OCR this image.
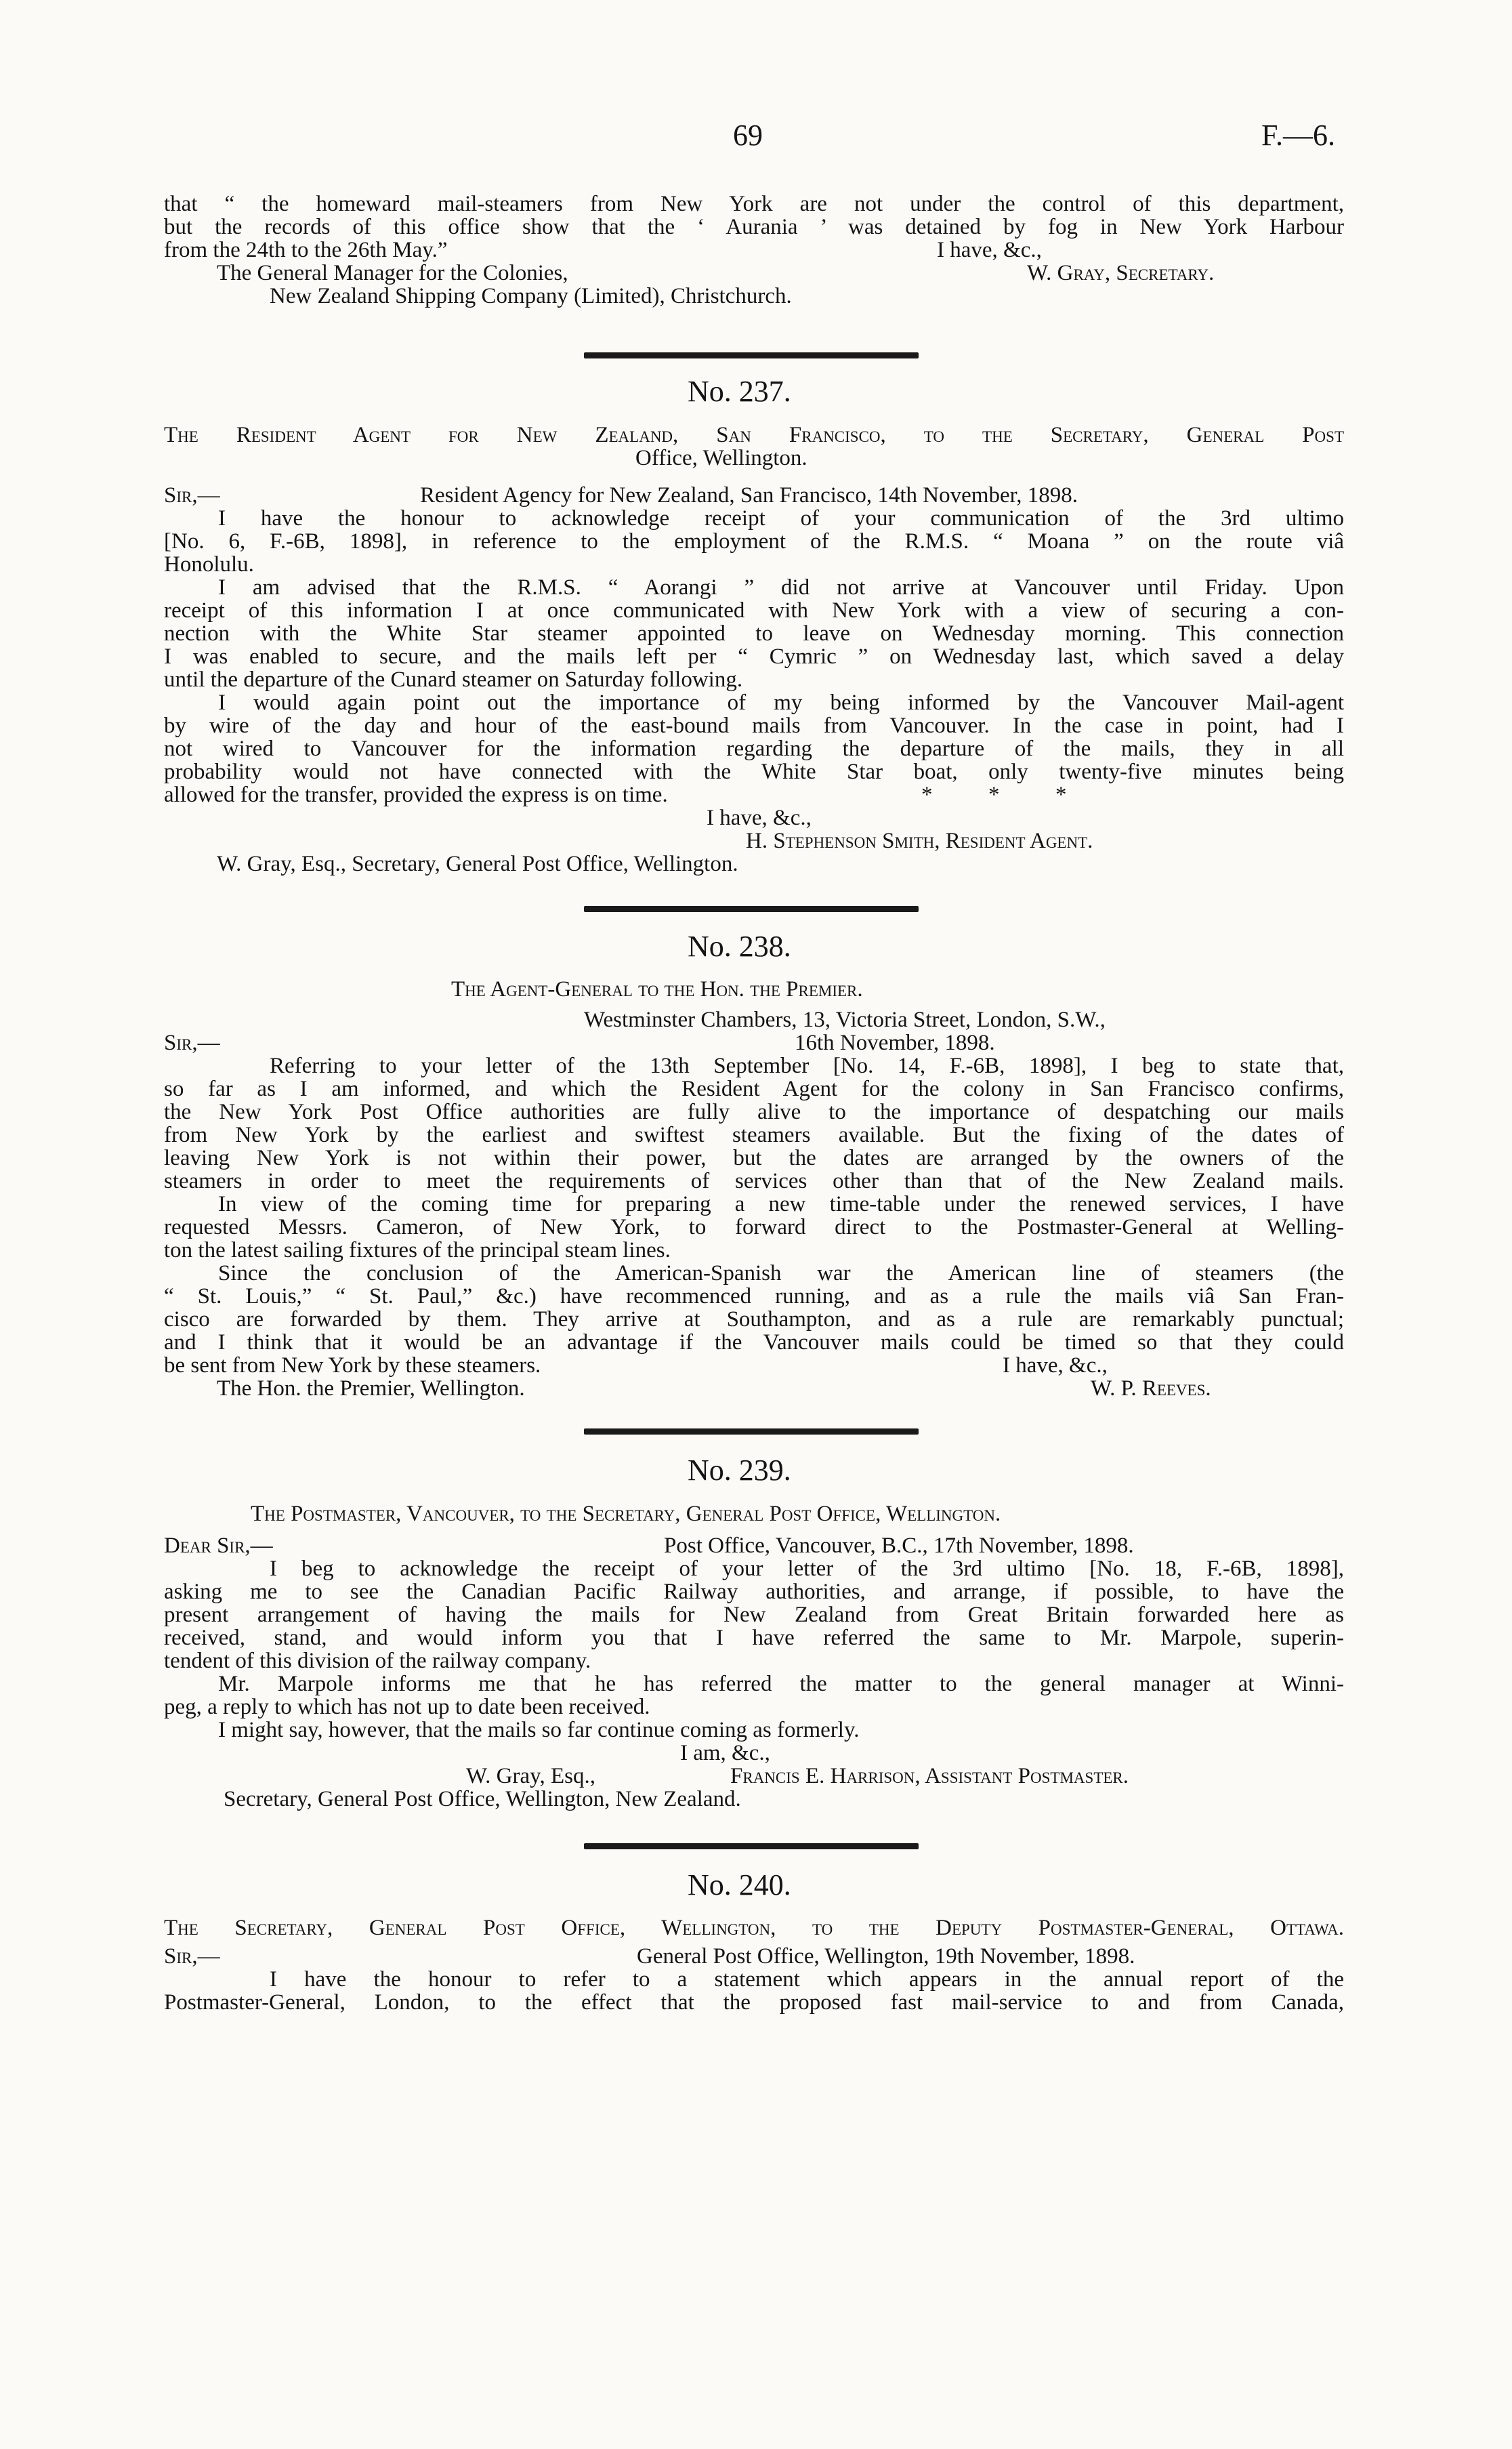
69	F.—6.
that “ the homeward mail-steamers from New York are not under the control of this department,
but the records of this office show that the ‘ Aurania ’ was detained by fog in New York Harbour
from the 24th to the 26th May.”	I have, &c.,
The General Manager for the Colonies,	W. Gray, Secretary.
New Zealand Shipping Company (Limited), Christchurch.
No. 237.
The Resident Agent for New Zealand, San Francisco, to the Secretary, General Post
Office, Wellington.
Sir,—	Resident Agency for New Zealand, San Francisco, 14th November, 1898.
I have the honour to acknowledge receipt of your communication of the 3rd ultimo
[No. 6, F.-6B, 1898], in reference to the employment of the R.M.S. “ Moana ” on the route viâ
Honolulu.
I am advised that the R.M.S. “ Aorangi ” did not arrive at Vancouver until Friday. Upon
receipt of this information I at once communicated with New York with a view of securing a con-
nection with the White Star steamer appointed to leave on Wednesday morning. This connection
I was enabled to secure, and the mails left per “ Cymric ” on Wednesday last, which saved a delay
until the departure of the Cunard steamer on Saturday following.
I would again point out the importance of my being informed by the Vancouver Mail-agent
by wire of the day and hour of the east-bound mails from Vancouver. In the case in point, had I
not wired to Vancouver for the information regarding the departure of the mails, they in all
probability would not have connected with the White Star boat, only twenty-five minutes being
allowed for the transfer, provided the express is on time.	*          *          *
I have, &c.,
H. Stephenson Smith, Resident Agent.
W. Gray, Esq., Secretary, General Post Office, Wellington.
No. 238.
The Agent-General to the Hon. the Premier.
Westminster Chambers, 13, Victoria Street, London, S.W.,
Sir,—	16th November, 1898.
Referring to your letter of the 13th September [No. 14, F.-6B, 1898], I beg to state that,
so far as I am informed, and which the Resident Agent for the colony in San Francisco confirms,
the New York Post Office authorities are fully alive to the importance of despatching our mails
from New York by the earliest and swiftest steamers available. But the fixing of the dates of
leaving New York is not within their power, but the dates are arranged by the owners of the
steamers in order to meet the requirements of services other than that of the New Zealand mails.
In view of the coming time for preparing a new time-table under the renewed services, I have
requested Messrs. Cameron, of New York, to forward direct to the Postmaster-General at Welling-
ton the latest sailing fixtures of the principal steam lines.
Since the conclusion of the American-Spanish war the American line of steamers (the
“ St. Louis,” “ St. Paul,” &c.) have recommenced running, and as a rule the mails viâ San Fran-
cisco are forwarded by them. They arrive at Southampton, and as a rule are remarkably punctual;
and I think that it would be an advantage if the Vancouver mails could be timed so that they could
be sent from New York by these steamers.	I have, &c.,
The Hon. the Premier, Wellington.	W. P. Reeves.
No. 239.
The Postmaster, Vancouver, to the Secretary, General Post Office, Wellington.
Dear Sir,—	Post Office, Vancouver, B.C., 17th November, 1898.
I beg to acknowledge the receipt of your letter of the 3rd ultimo [No. 18, F.-6B, 1898],
asking me to see the Canadian Pacific Railway authorities, and arrange, if possible, to have the
present arrangement of having the mails for New Zealand from Great Britain forwarded here as
received, stand, and would inform you that I have referred the same to Mr. Marpole, superin-
tendent of this division of the railway company.
Mr. Marpole informs me that he has referred the matter to the general manager at Winni-
peg, a reply to which has not up to date been received.
I might say, however, that the mails so far continue coming as formerly.
I am, &c.,
W. Gray, Esq.,	Francis E. Harrison, Assistant Postmaster.
Secretary, General Post Office, Wellington, New Zealand.
No. 240.
The Secretary, General Post Office, Wellington, to the Deputy Postmaster-General, Ottawa.
Sir,—	General Post Office, Wellington, 19th November, 1898.
I have the honour to refer to a statement which appears in the annual report of the
Postmaster-General, London, to the effect that the proposed fast mail-service to and from Canada,
